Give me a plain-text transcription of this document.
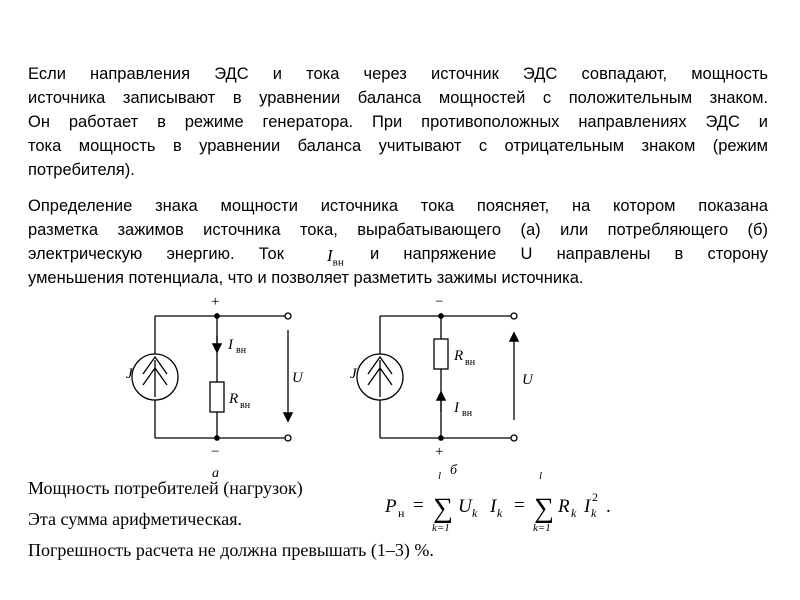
Если направления ЭДС и тока через источник ЭДС совпадают, мощность
источника записывают в уравнении баланса мощностей с положительным знаком.
Он работает в режиме генератора. При противоположных направлениях ЭДС и
тока мощность в уравнении баланса учитывают с отрицательным знаком (режим
потребителя).
Определение знака мощности источника тока поясняет, на котором показана
разметка зажимов источника тока, вырабатывающего (а) или потребляющего (б)
электрическую энергию. Ток	и напряжение U направлены в сторону
уменьшения потенциала, что и позволяет разметить зажимы источника.
$I_{вн}$
+
−
J
I вн
R вн
U
a
−
+
J
R вн
I вн
U
б
P н =
l
∑
k=1
U k I k =
l
∑
k=1
R k I k
2 .
Мощность потребителей (нагрузок)
Эта сумма арифметическая.
Погрешность расчета не должна превышать (1–3) %.
